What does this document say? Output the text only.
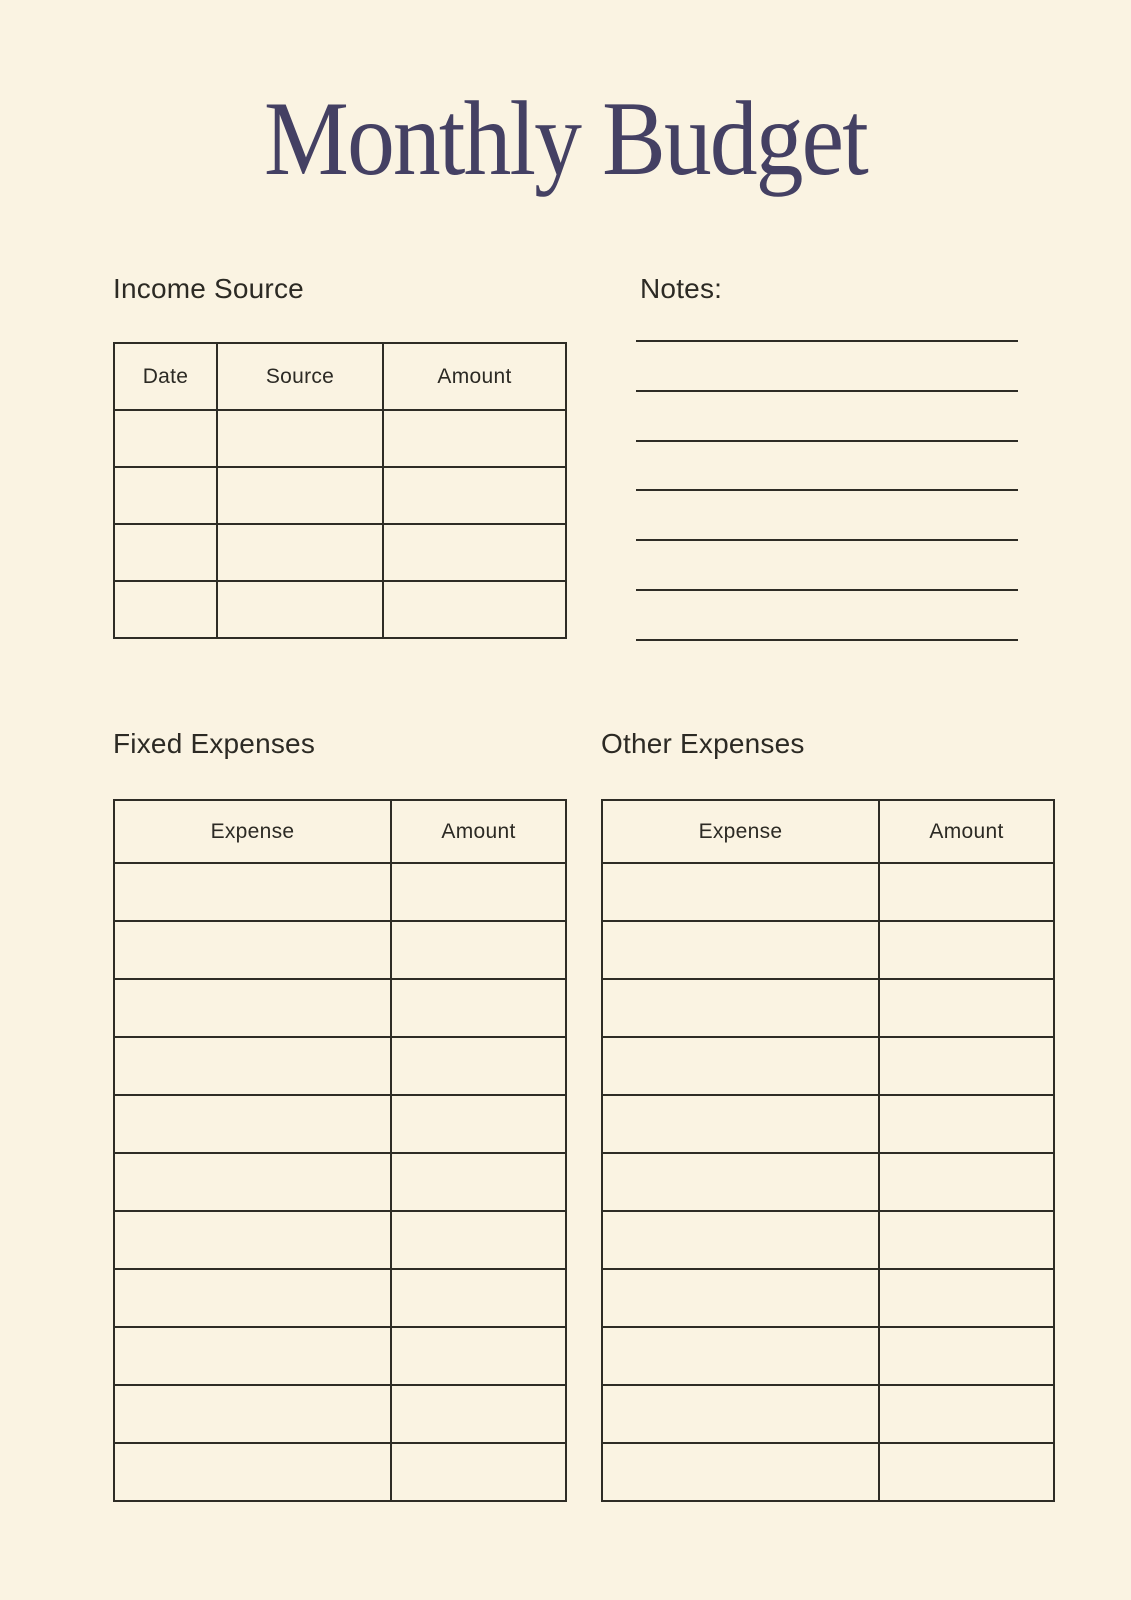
Monthly Budget
Income Source	Notes:
Fixed Expenses	Other Expenses
Date	Source	Amount

Expense	Amount

		Expense	Amount
